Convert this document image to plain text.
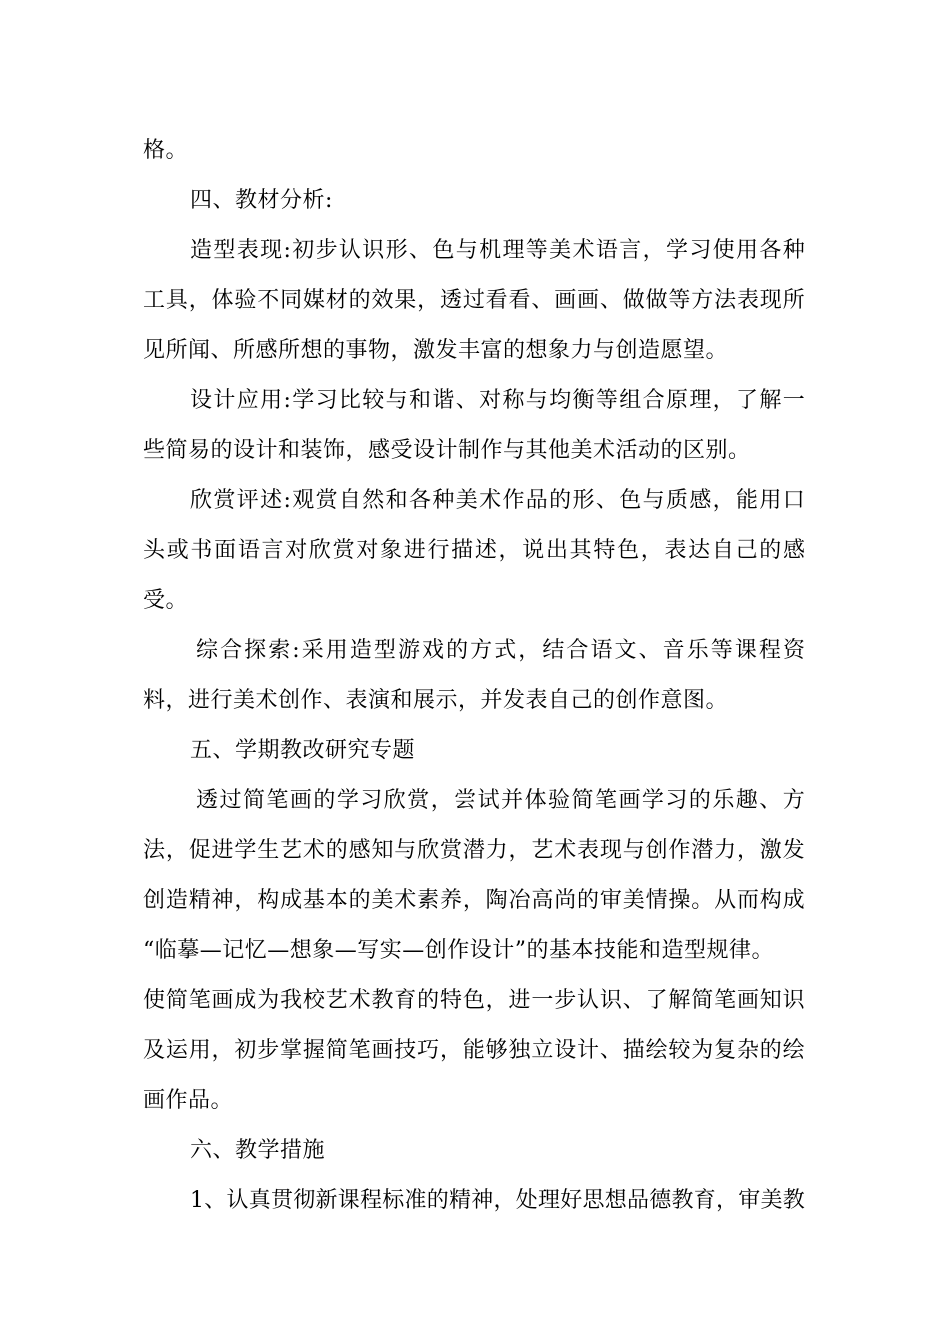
格。
四、教材分析:
造 型 表 现 : 初 步 认 识 形 、 色 与 机 理 等 美 术 语 言 ， 学 习 使 用 各 种
工 具 ， 体 验 不 同 媒 材 的 效 果 ， 透 过 看 看 、 画 画 、 做 做 等 方 法 表 现 所
见所闻、所感所想的事物，激发丰富的想象力与创造愿望。
设 计 应 用 : 学 习 比 较 与 和 谐 、 对 称 与 均 衡 等 组 合 原 理 ， 了 解 一
些简易的设计和装饰，感受设计制作与其他美术活动的区别。
欣 赏 评 述 : 观 赏 自 然 和 各 种 美 术 作 品 的 形 、 色 与 质 感 ， 能 用 口
头 或 书 面 语 言 对 欣 赏 对 象 进 行 描 述 ， 说 出 其 特 色 ， 表 达 自 己 的 感
受。
综 合 探 索 : 采 用 造 型 游 戏 的 方 式 ， 结 合 语 文 、 音 乐 等 课 程 资
料，进行美术创作、表演和展示，并发表自己的创作意图。
五、学期教改研究专题
透 过 简 笔 画 的 学 习 欣 赏 ， 尝 试 并 体 验 简 笔 画 学 习 的 乐 趣 、 方
法 ， 促 进 学 生 艺 术 的 感 知 与 欣 赏 潜 力 ， 艺 术 表 现 与 创 作 潜 力 ， 激 发
创 造 精 神 ， 构 成 基 本 的 美 术 素 养 ， 陶 冶 高 尚 的 审 美 情 操 。 从 而 构 成
“临摹—记忆—想象—写实—创作设计”的基本技能和造型规律。
使 简 笔 画 成 为 我 校 艺 术 教 育 的 特 色 ， 进 一 步 认 识 、 了 解 简 笔 画 知 识
及 运 用 ， 初 步 掌 握 简 笔 画 技 巧 ， 能 够 独 立 设 计 、 描 绘 较 为 复 杂 的 绘
画作品。
六、教学措施
1 、 认 真 贯 彻 新 课 程 标 准 的 精 神 ， 处 理 好 思 想 品 德 教 育 ， 审 美 教
